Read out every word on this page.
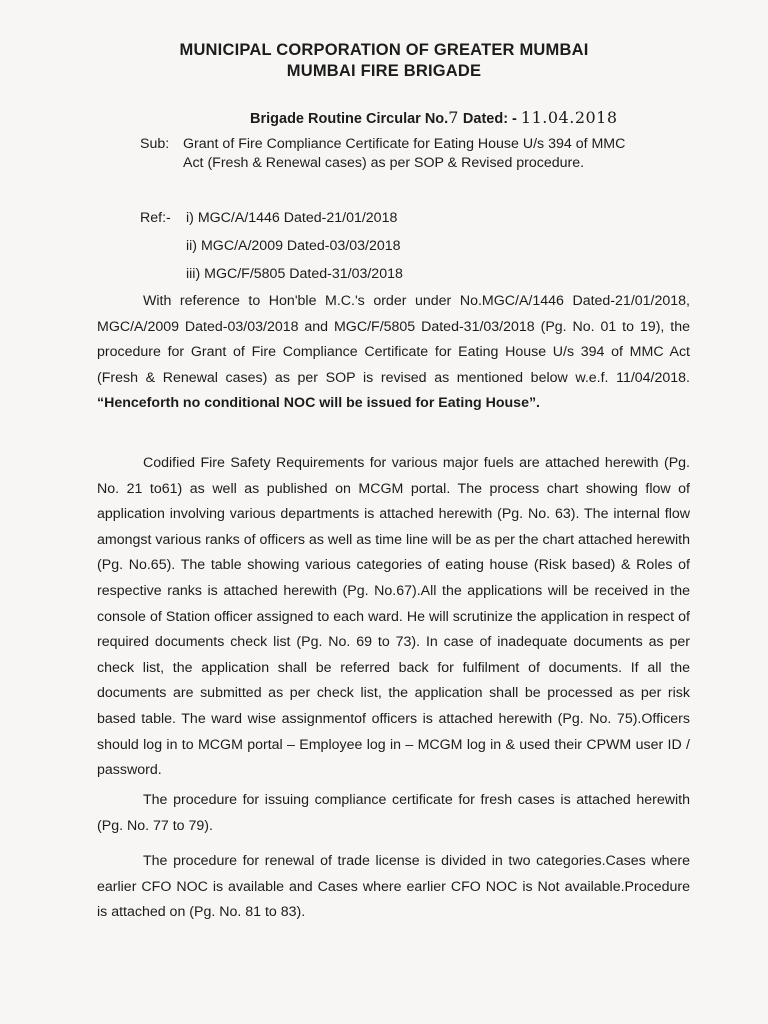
MUNICIPAL CORPORATION OF GREATER MUMBAI
MUMBAI FIRE BRIGADE
Brigade Routine Circular No.7 Dated: - 11.04.2018
Sub: Grant of Fire Compliance Certificate for Eating House U/s 394 of MMC Act (Fresh & Renewal cases) as per SOP & Revised procedure.
Ref:- i) MGC/A/1446 Dated-21/01/2018
ii) MGC/A/2009 Dated-03/03/2018
iii) MGC/F/5805 Dated-31/03/2018
With reference to Hon'ble M.C.'s order under No.MGC/A/1446 Dated-21/01/2018, MGC/A/2009 Dated-03/03/2018 and MGC/F/5805 Dated-31/03/2018 (Pg. No. 01 to 19), the procedure for Grant of Fire Compliance Certificate for Eating House U/s 394 of MMC Act (Fresh & Renewal cases) as per SOP is revised as mentioned below w.e.f. 11/04/2018. “Henceforth no conditional NOC will be issued for Eating House”.
Codified Fire Safety Requirements for various major fuels are attached herewith (Pg. No. 21 to61) as well as published on MCGM portal. The process chart showing flow of application involving various departments is attached herewith (Pg. No. 63). The internal flow amongst various ranks of officers as well as time line will be as per the chart attached herewith (Pg. No.65). The table showing various categories of eating house (Risk based) & Roles of respective ranks is attached herewith (Pg. No.67).All the applications will be received in the console of Station officer assigned to each ward. He will scrutinize the application in respect of required documents check list (Pg. No. 69 to 73). In case of inadequate documents as per check list, the application shall be referred back for fulfilment of documents. If all the documents are submitted as per check list, the application shall be processed as per risk based table. The ward wise assignmentof officers is attached herewith (Pg. No. 75).Officers should log in to MCGM portal – Employee log in – MCGM log in & used their CPWM user ID / password.
The procedure for issuing compliance certificate for fresh cases is attached herewith (Pg. No. 77 to 79).
The procedure for renewal of trade license is divided in two categories.Cases where earlier CFO NOC is available and Cases where earlier CFO NOC is Not available.Procedure is attached on (Pg. No. 81 to 83).
